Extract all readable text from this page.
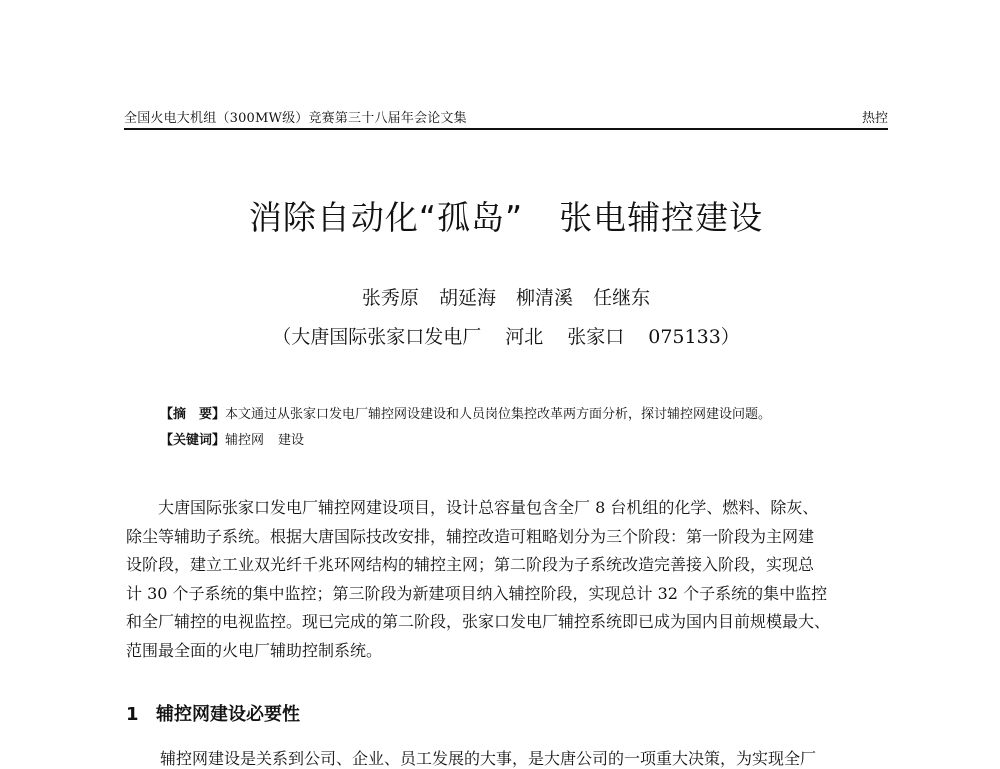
全国火电大机组（300MW级）竞赛第三十八届年会论文集	热控
消除自动化“孤岛” 张电辅控建设
张秀原 胡延海 柳清溪 任继东
（大唐国际张家口发电厂 河北 张家口 075133）
【摘　要】本文通过从张家口发电厂辅控网设建设和人员岗位集控改革两方面分析，探讨辅控网建设问题。
【关键词】辅控网 建设
　　大唐国际张家口发电厂辅控网建设项目，设计总容量包含全厂 8 台机组的化学、燃料、除灰、
除尘等辅助子系统。根据大唐国际技改安排，辅控改造可粗略划分为三个阶段：第一阶段为主网建
设阶段，建立工业双光纤千兆环网结构的辅控主网；第二阶段为子系统改造完善接入阶段，实现总
计 30 个子系统的集中监控；第三阶段为新建项目纳入辅控阶段，实现总计 32 个子系统的集中监控
和全厂辅控的电视监控。现已完成的第二阶段，张家口发电厂辅控系统即已成为国内目前规模最大、
范围最全面的火电厂辅助控制系统。
1 辅控网建设必要性
辅控网建设是关系到公司、企业、员工发展的大事，是大唐公司的一项重大决策，为实现全厂
